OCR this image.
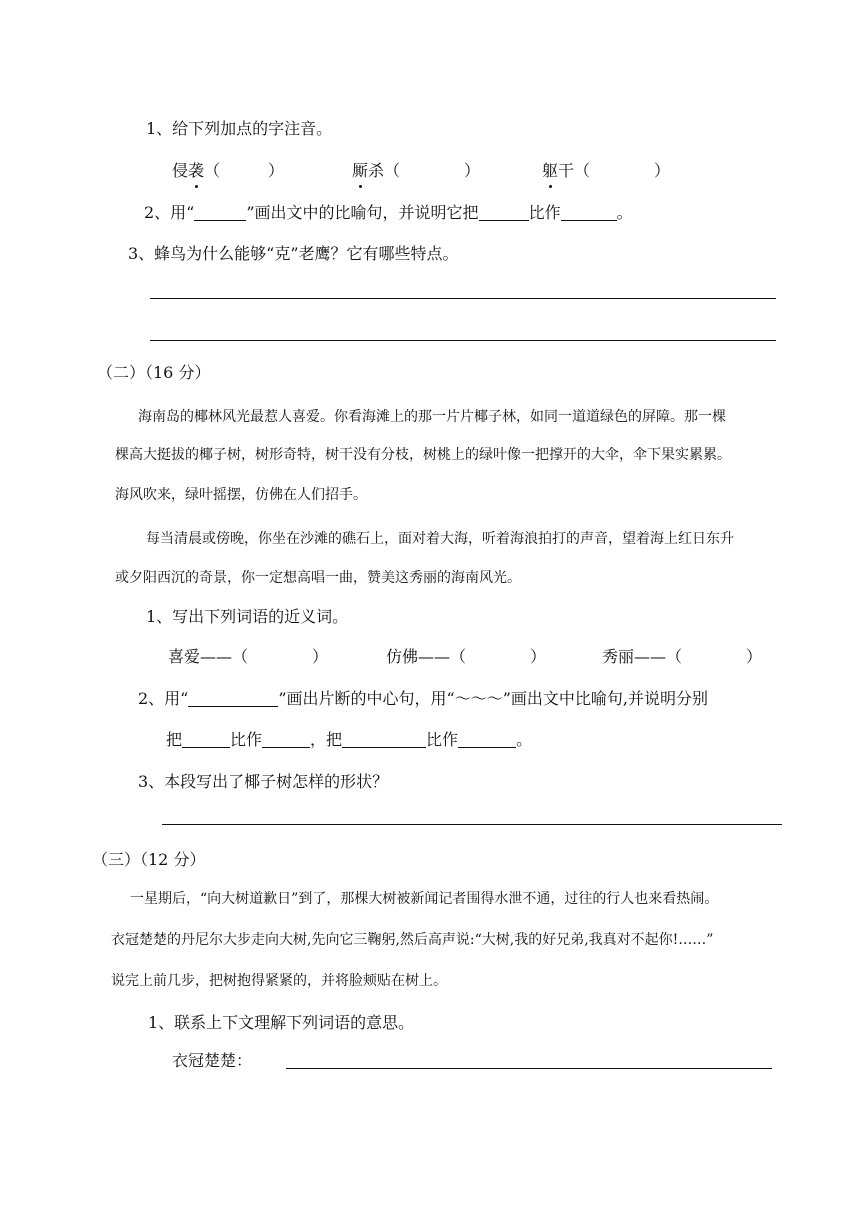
1、给下列加点的字注音。
侵袭（　　　）	厮杀（　　　　）	躯干（　　　　）
2、用“	”画出文中的比喻句，并说明它把	比作	。
3、蜂鸟为什么能够“克”老鹰？它有哪些特点。
（二）（16 分）
海南岛的椰林风光最惹人喜爱。你看海滩上的那一片片椰子林，如同一道道绿色的屏障。那一棵
棵高大挺拔的椰子树，树形奇特，树干没有分枝，树桃上的绿叶像一把撑开的大伞，伞下果实累累。
海风吹来，绿叶摇摆，仿佛在人们招手。
每当清晨或傍晚，你坐在沙滩的礁石上，面对着大海，听着海浪拍打的声音，望着海上红日东升
或夕阳西沉的奇景，你一定想高唱一曲，赞美这秀丽的海南风光。
1、写出下列词语的近义词。
喜爱——（　　　　）	仿佛——（　　　　）	秀丽——（　　　　）
2、用“	”画出片断的中心句，用“～～～”画出文中比喻句,并说明分别
把	比作	，把	比作	。
3、本段写出了椰子树怎样的形状？
（三）（12 分）
一星期后，“向大树道歉日”到了，那棵大树被新闻记者围得水泄不通，过往的行人也来看热闹。
衣冠楚楚的丹尼尔大步走向大树,先向它三鞠躬,然后高声说:“大树,我的好兄弟,我真对不起你!……”
说完上前几步，把树抱得紧紧的，并将脸颊贴在树上。
1、联系上下文理解下列词语的意思。
衣冠楚楚：
